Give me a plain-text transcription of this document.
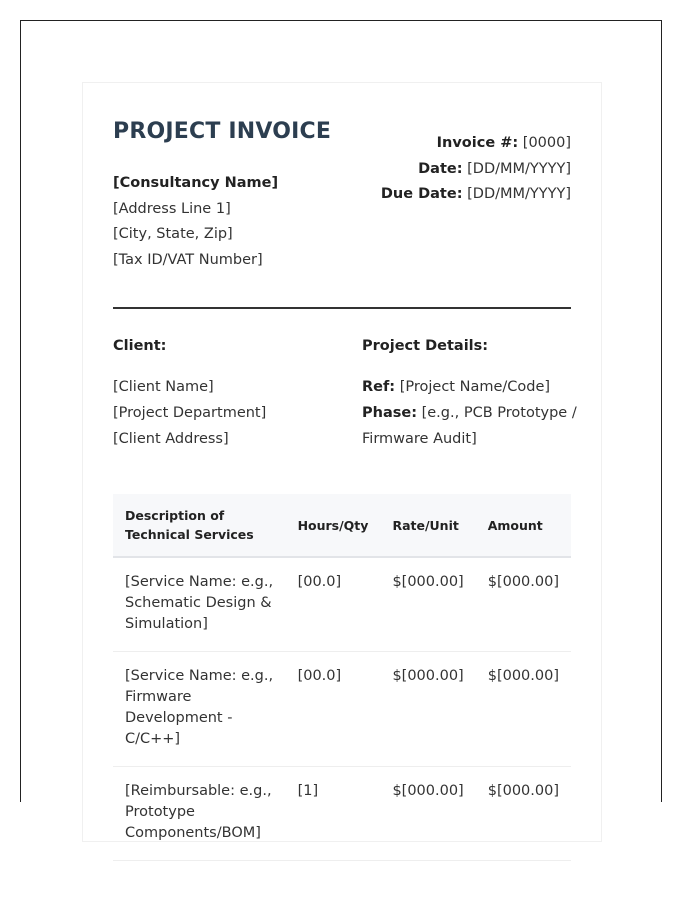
PROJECT INVOICE
[Consultancy Name]
[Address Line 1]
[City, State, Zip]
[Tax ID/VAT Number]
Invoice #: [0000]
Date: [DD/MM/YYYY]
Due Date: [DD/MM/YYYY]
Client:
[Client Name]
[Project Department]
[Client Address]
Project Details:
Ref: [Project Name/Code]
Phase: [e.g., PCB Prototype / Firmware Audit]
Description of Technical Services	Hours/Qty	Rate/Unit	Amount
[Service Name: e.g., Schematic Design & Simulation]	[00.0]	$[000.00]	$[000.00]
[Service Name: e.g., Firmware Development - C/C++]	[00.0]	$[000.00]	$[000.00]
[Reimbursable: e.g., Prototype Components/BOM]	[1]	$[000.00]	$[000.00]
